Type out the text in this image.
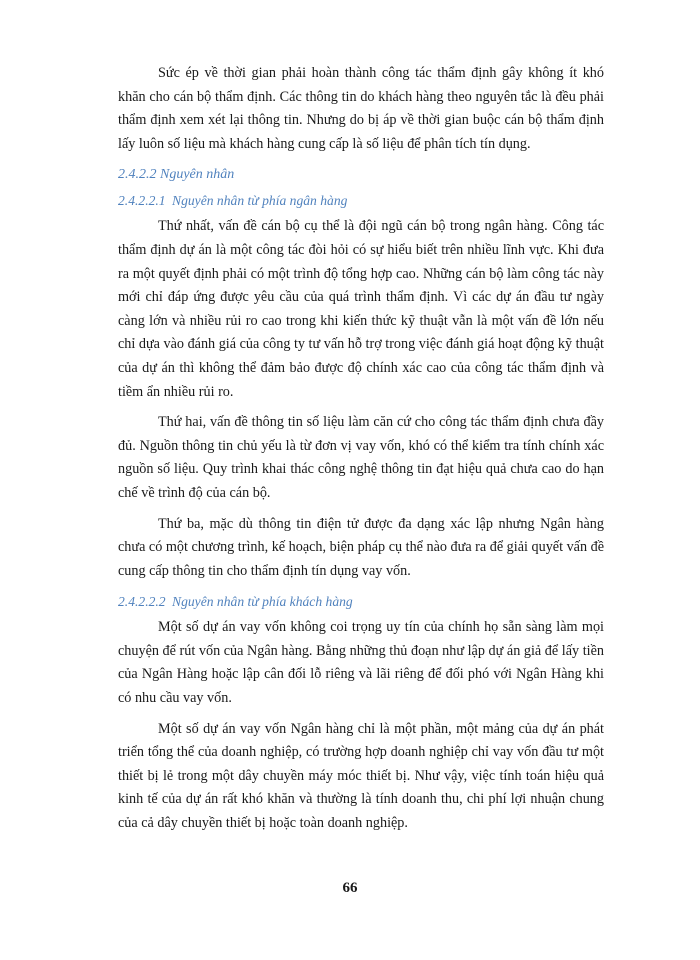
Sức ép về thời gian phải hoàn thành công tác thẩm định gây không ít khó khăn cho cán bộ thẩm định. Các thông tin do khách hàng theo nguyên tắc là đều phải thẩm định xem xét lại thông tin. Nhưng do bị áp về thời gian buộc cán bộ thẩm định lấy luôn số liệu mà khách hàng cung cấp là số liệu để phân tích tín dụng.

2.4.2.2 Nguyên nhân
2.4.2.2.1 Nguyên nhân từ phía ngân hàng

Thứ nhất, vấn đề cán bộ cụ thể là đội ngũ cán bộ trong ngân hàng. Công tác thẩm định dự án là một công tác đòi hỏi có sự hiểu biết trên nhiều lĩnh vực. Khi đưa ra một quyết định phải có một trình độ tổng hợp cao. Những cán bộ làm công tác này mới chỉ đáp ứng được yêu cầu của quá trình thẩm định. Vì các dự án đầu tư ngày càng lớn và nhiều rủi ro cao trong khi kiến thức kỹ thuật vẫn là một vấn đề lớn nếu chỉ dựa vào đánh giá của công ty tư vấn hỗ trợ trong việc đánh giá hoạt động kỹ thuật của dự án thì không thể đảm bảo được độ chính xác cao của công tác thẩm định và tiềm ẩn nhiều rủi ro.

Thứ hai, vấn đề thông tin số liệu làm căn cứ cho công tác thẩm định chưa đầy đủ. Nguồn thông tin chủ yếu là từ đơn vị vay vốn, khó có thể kiểm tra tính chính xác nguồn số liệu. Quy trình khai thác công nghệ thông tin đạt hiệu quả chưa cao do hạn chế về trình độ của cán bộ.

Thứ ba, mặc dù thông tin điện tử được đa dạng xác lập nhưng Ngân hàng chưa có một chương trình, kế hoạch, biện pháp cụ thể nào đưa ra để giải quyết vấn đề cung cấp thông tin cho thẩm định tín dụng vay vốn.

2.4.2.2.2 Nguyên nhân từ phía khách hàng

Một số dự án vay vốn không coi trọng uy tín của chính họ sẵn sàng làm mọi chuyện để rút vốn của Ngân hàng. Bằng những thủ đoạn như lập dự án giả để lấy tiền của Ngân Hàng hoặc lập cân đối lỗ riêng và lãi riêng để đối phó với Ngân Hàng khi có nhu cầu vay vốn.

Một số dự án vay vốn Ngân hàng chỉ là một phần, một mảng của dự án phát triển tổng thể của doanh nghiệp, có trường hợp doanh nghiệp chỉ vay vốn đầu tư một thiết bị lẻ trong một dây chuyền máy móc thiết bị. Như vậy, việc tính toán hiệu quả kinh tế của dự án rất khó khăn và thường là tính doanh thu, chi phí lợi nhuận chung của cả dây chuyền thiết bị hoặc toàn doanh nghiệp.

66
